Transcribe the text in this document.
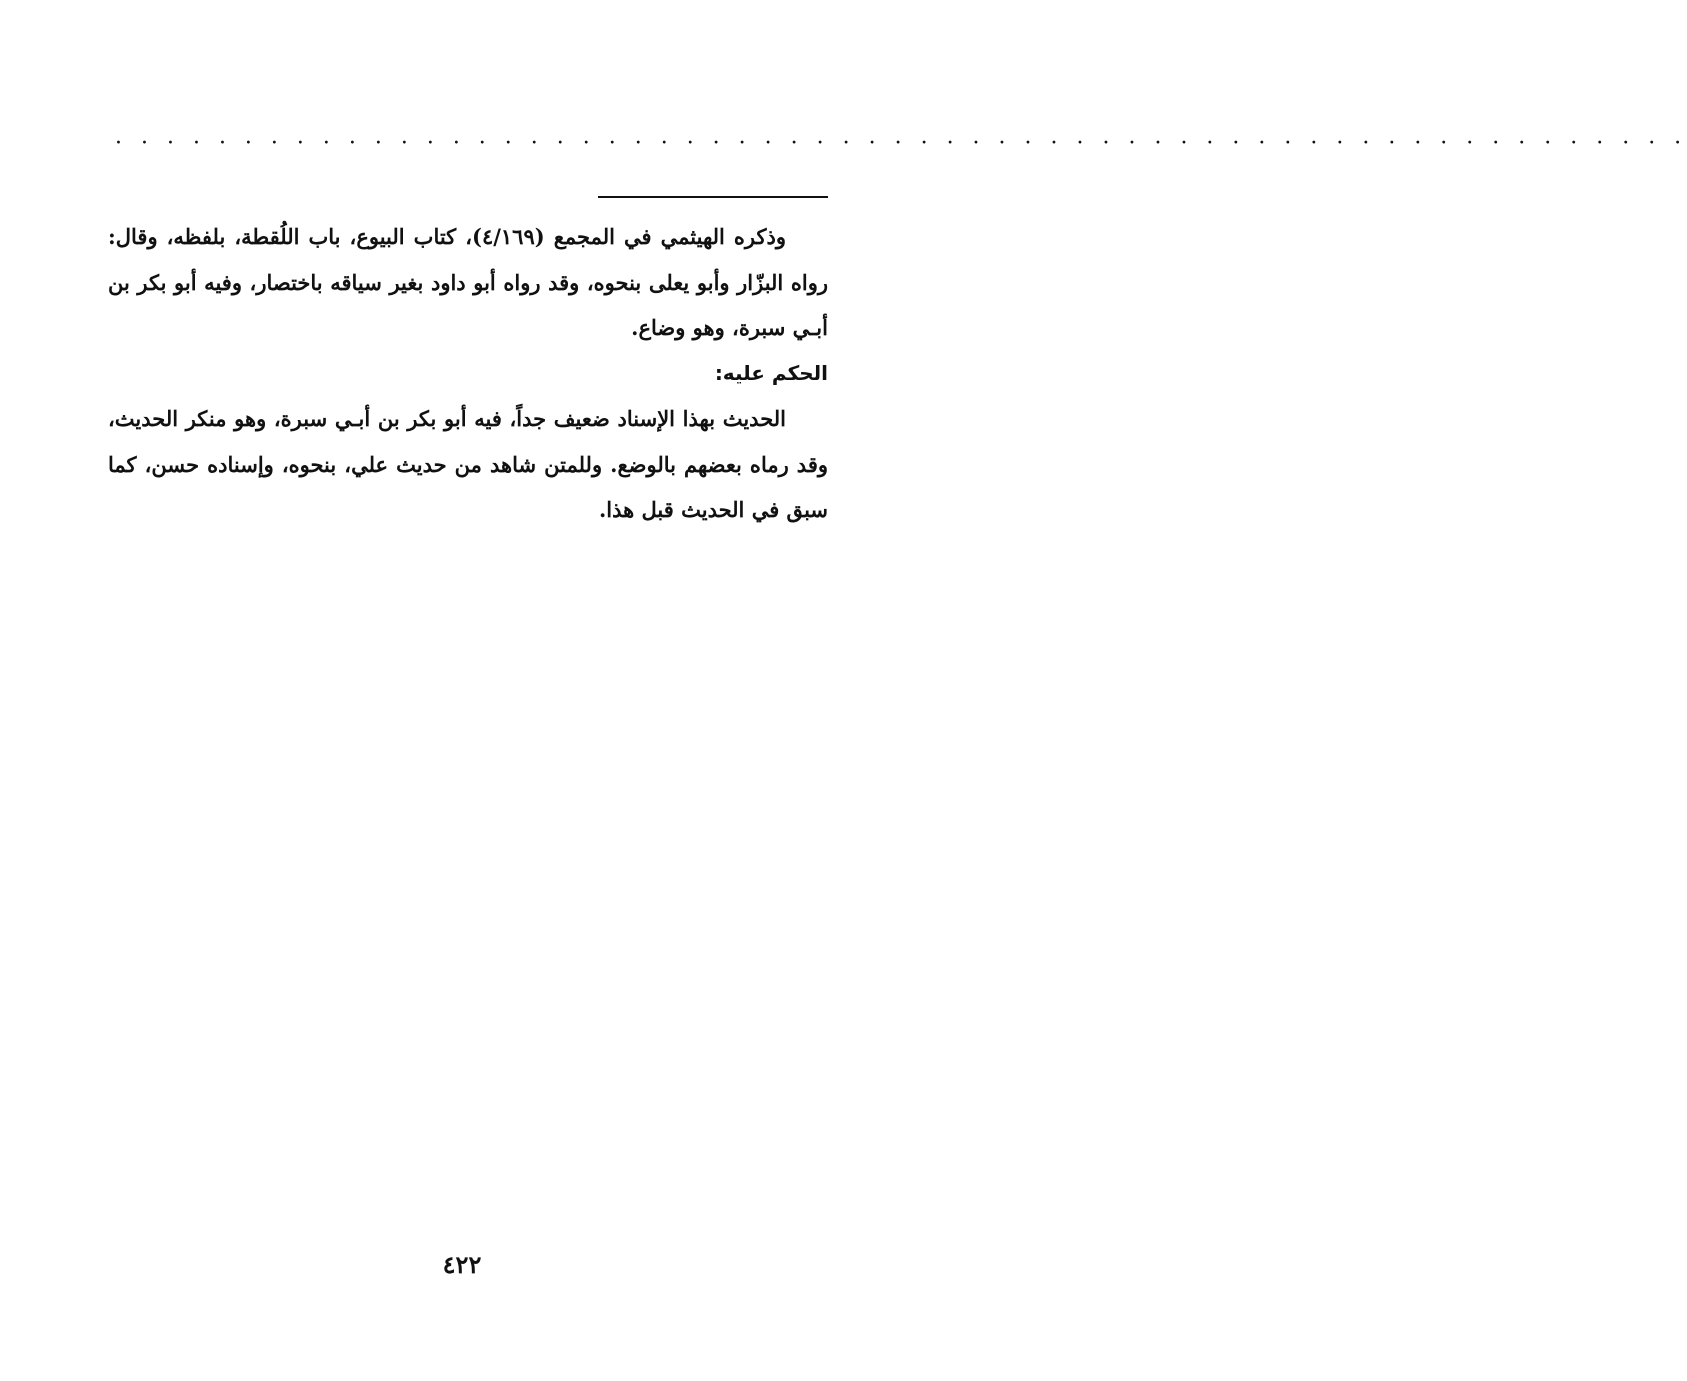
· · · · · · · · · · · · · · · · · · · · · · · · · · · · · · · · · · · · · · · · · · · · · · · · · · · · · · · · · · · · ·

وذكره الهيثمي في المجمع (٤/١٦٩)، كتاب البيوع، باب اللُقطة، بلفظه، وقال: رواه البزّار وأبو يعلى بنحوه، وقد رواه أبو داود بغير سياقه باختصار، وفيه أبو بكر بن أبـي سبرة، وهو وضاع.

الحكم عليه:

الحديث بهذا الإسناد ضعيف جداً، فيه أبو بكر بن أبـي سبرة، وهو منكر الحديث، وقد رماه بعضهم بالوضع. وللمتن شاهد من حديث علي، بنحوه، وإسناده حسن، كما سبق في الحديث قبل هذا.

٤٢٢
